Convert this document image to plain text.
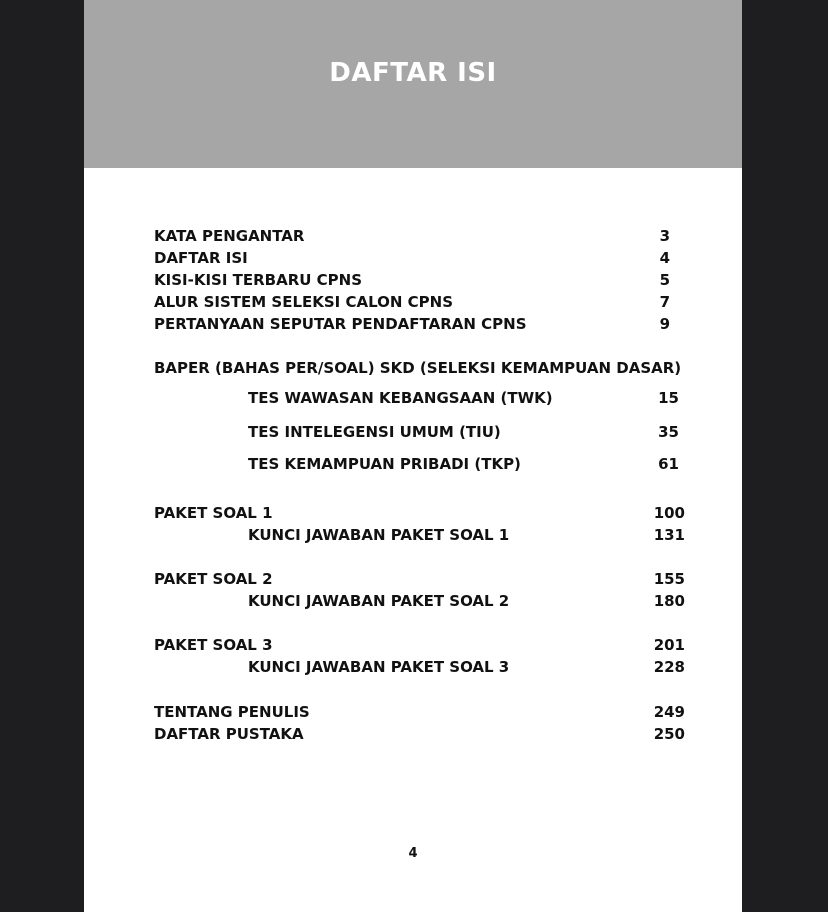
DAFTAR ISI
KATA PENGANTAR	3
DAFTAR ISI	4
KISI-KISI TERBARU CPNS	5
ALUR SISTEM SELEKSI CALON CPNS	7
PERTANYAAN SEPUTAR PENDAFTARAN CPNS	9
BAPER (BAHAS PER/SOAL) SKD (SELEKSI KEMAMPUAN DASAR)
TES WAWASAN KEBANGSAAN (TWK)	15
TES INTELEGENSI UMUM (TIU)	35
TES KEMAMPUAN PRIBADI (TKP)	61
PAKET SOAL 1	100
KUNCI JAWABAN PAKET SOAL 1	131
PAKET SOAL 2	155
KUNCI JAWABAN PAKET SOAL 2	180
PAKET SOAL 3	201
KUNCI JAWABAN PAKET SOAL 3	228
TENTANG PENULIS	249
DAFTAR PUSTAKA	250
4
